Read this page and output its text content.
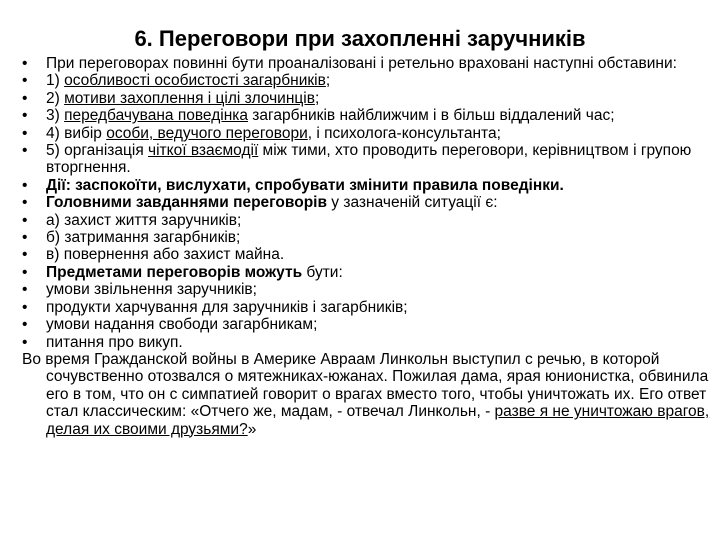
6. Переговори при захопленні заручників
• При переговорах повинні бути проаналізовані і ретельно враховані наступні обставини:
• 1) особливості особистості загарбників;
• 2) мотиви захоплення і цілі злочинців;
• 3) передбачувана поведінка загарбників найближчим і в більш віддалений час;
• 4) вибір особи, ведучого переговори, і психолога-консультанта;
• 5) організація чіткої взаємодії між тими, хто проводить переговори, керівництвом і групою вторгнення.
• Дії: заспокоїти, вислухати, спробувати змінити правила поведінки.
• Головними завданнями переговорів у зазначеній ситуації є:
• а) захист життя заручників;
• б) затримання загарбників;
• в) повернення або захист майна.
• Предметами переговорів можуть бути:
• умови звільнення заручників;
• продукти харчування для заручників і загарбників;
• умови надання свободи загарбникам;
• питання про викуп.

Во время Гражданской войны в Америке Авраам Линкольн выступил с речью, в которой сочувственно отозвался о мятежниках-южанах. Пожилая дама, ярая юнионистка, обвинила его в том, что он с симпатией говорит о врагах вместо того, чтобы уничтожать их. Его ответ стал классическим: «Отчего же, мадам, - отвечал Линкольн, - разве я не уничтожаю врагов, делая их своими друзьями?»
